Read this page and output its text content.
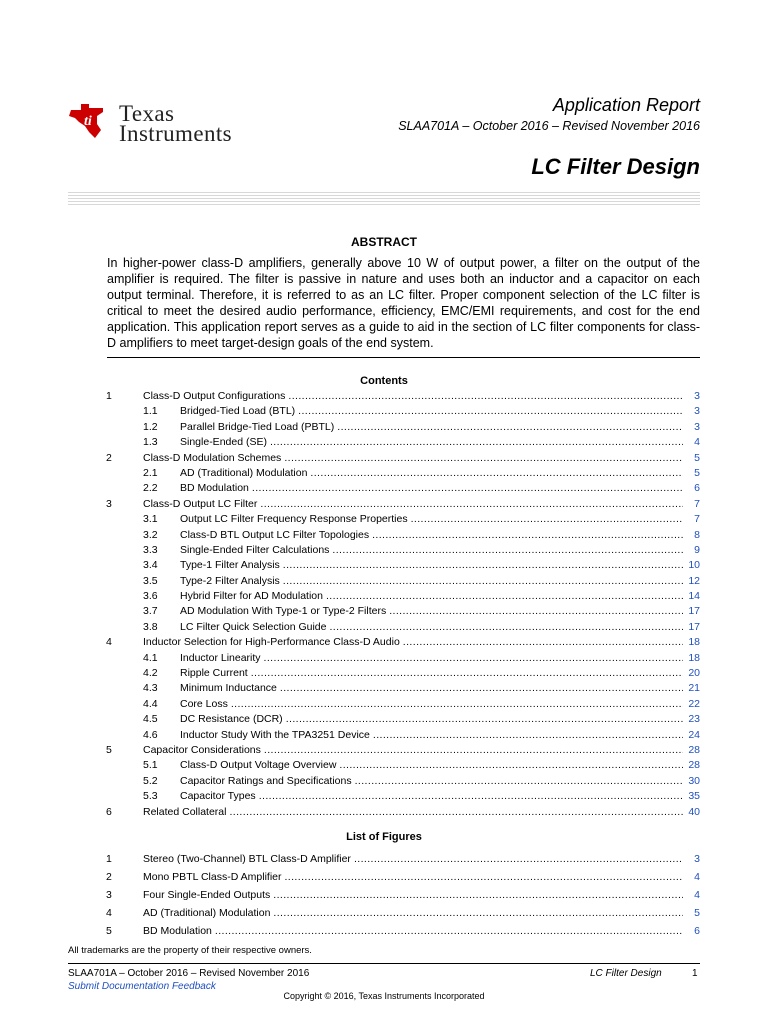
ti Texas
Instruments
Application Report
SLAA701A – October 2016 – Revised November 2016
LC Filter Design
ABSTRACT
In higher-power class-D amplifiers, generally above 10 W of output power, a filter on the output of the amplifier is required. The filter is passive in nature and uses both an inductor and a capacitor on each output terminal. Therefore, it is referred to as an LC filter. Proper component selection of the LC filter is critical to meet the desired audio performance, efficiency, EMC/EMI requirements, and cost for the end application. This application report serves as a guide to aid in the section of LC filter components for class-D amplifiers to meet target-design goals of the end system.
Contents
1	Class-D Output Configurations .....	3
1.1 Bridged-Tied Load (BTL) .....	3
1.2 Parallel Bridge-Tied Load (PBTL) .....	3
1.3 Single-Ended (SE) .....	4
2	Class-D Modulation Schemes .....	5
2.1 AD (Traditional) Modulation .....	5
2.2 BD Modulation .....	6
3	Class-D Output LC Filter .....	7
3.1 Output LC Filter Frequency Response Properties .....	7
3.2 Class-D BTL Output LC Filter Topologies .....	8
3.3 Single-Ended Filter Calculations .....	9
3.4 Type-1 Filter Analysis .....	10
3.5 Type-2 Filter Analysis .....	12
3.6 Hybrid Filter for AD Modulation .....	14
3.7 AD Modulation With Type-1 or Type-2 Filters .....	17
3.8 LC Filter Quick Selection Guide .....	17
4	Inductor Selection for High-Performance Class-D Audio .....	18
4.1 Inductor Linearity .....	18
4.2 Ripple Current .....	20
4.3 Minimum Inductance .....	21
4.4 Core Loss .....	22
4.5 DC Resistance (DCR) .....	23
4.6 Inductor Study With the TPA3251 Device .....	24
5	Capacitor Considerations .....	28
5.1 Class-D Output Voltage Overview .....	28
5.2 Capacitor Ratings and Specifications .....	30
5.3 Capacitor Types .....	35
6	Related Collateral .....	40
List of Figures
1	Stereo (Two-Channel) BTL Class-D Amplifier .....	3
2	Mono PBTL Class-D Amplifier .....	4
3	Four Single-Ended Outputs .....	4
4	AD (Traditional) Modulation .....	5
5	BD Modulation .....	6
All trademarks are the property of their respective owners.
SLAA701A – October 2016 – Revised November 2016	LC Filter Design	1
Submit Documentation Feedback
Copyright © 2016, Texas Instruments Incorporated
